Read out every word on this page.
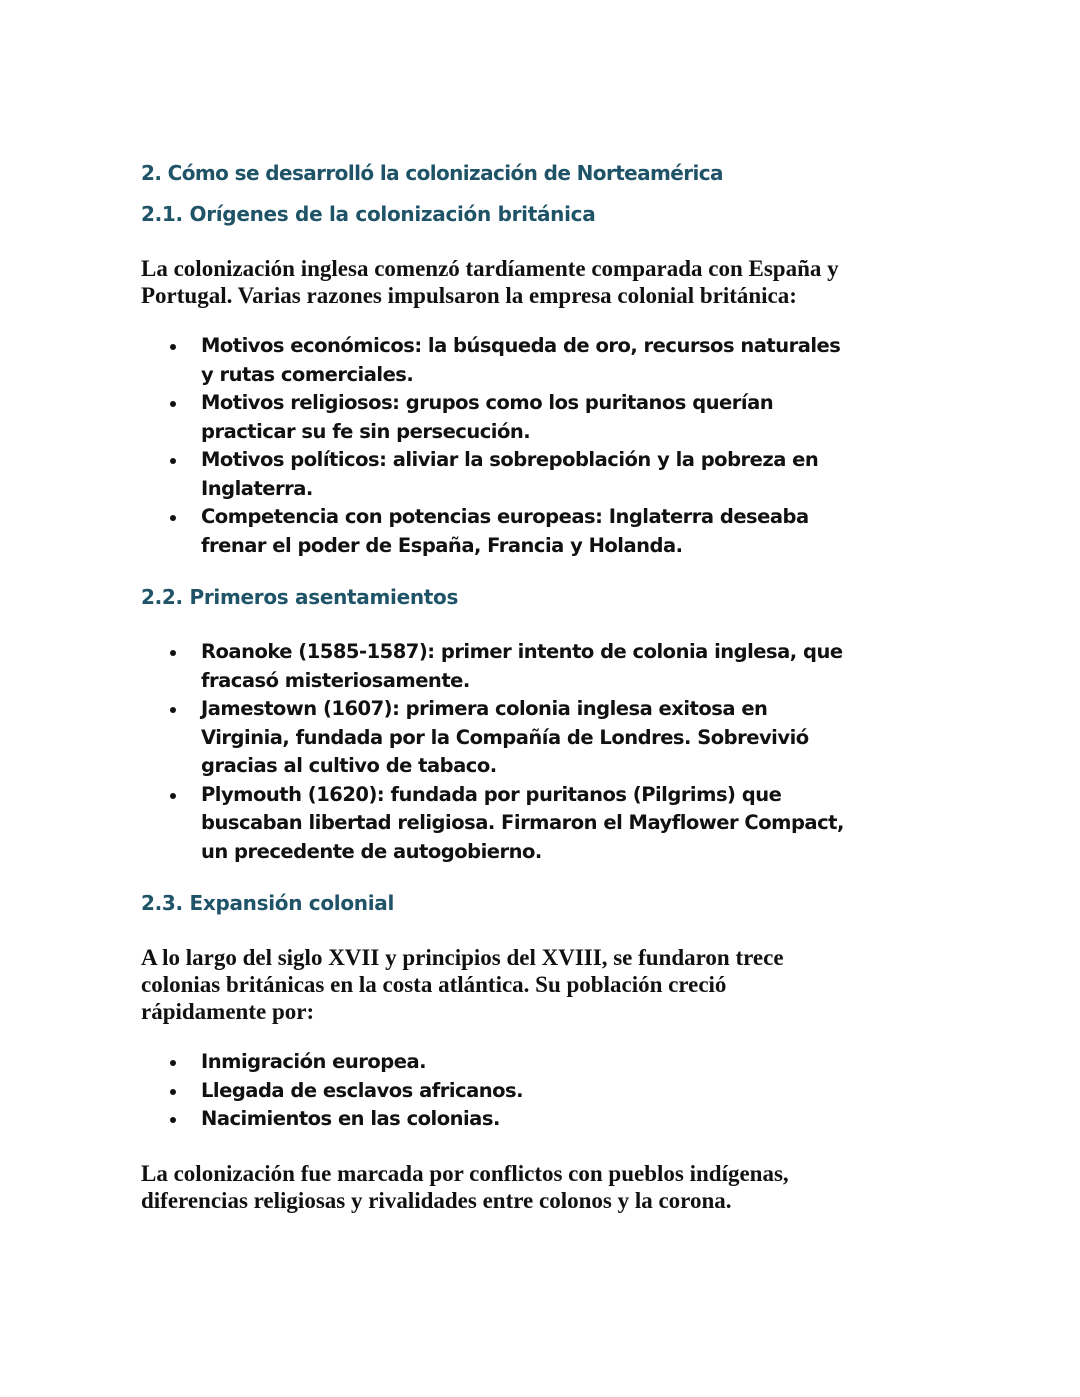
2. Cómo se desarrolló la colonización de Norteamérica
2.1. Orígenes de la colonización británica

La colonización inglesa comenzó tardíamente comparada con España y Portugal. Varias razones impulsaron la empresa colonial británica:

Motivos económicos: la búsqueda de oro, recursos naturales y rutas comerciales.
Motivos religiosos: grupos como los puritanos querían practicar su fe sin persecución.
Motivos políticos: aliviar la sobrepoblación y la pobreza en Inglaterra.
Competencia con potencias europeas: Inglaterra deseaba frenar el poder de España, Francia y Holanda.
2.2. Primeros asentamientos
Roanoke (1585-1587): primer intento de colonia inglesa, que fracasó misteriosamente.
Jamestown (1607): primera colonia inglesa exitosa en Virginia, fundada por la Compañía de Londres. Sobrevivió gracias al cultivo de tabaco.
Plymouth (1620): fundada por puritanos (Pilgrims) que buscaban libertad religiosa. Firmaron el Mayflower Compact, un precedente de autogobierno.
2.3. Expansión colonial

A lo largo del siglo XVII y principios del XVIII, se fundaron trece colonias británicas en la costa atlántica. Su población creció rápidamente por:

Inmigración europea.
Llegada de esclavos africanos.
Nacimientos en las colonias.

La colonización fue marcada por conflictos con pueblos indígenas, diferencias religiosas y rivalidades entre colonos y la corona.
